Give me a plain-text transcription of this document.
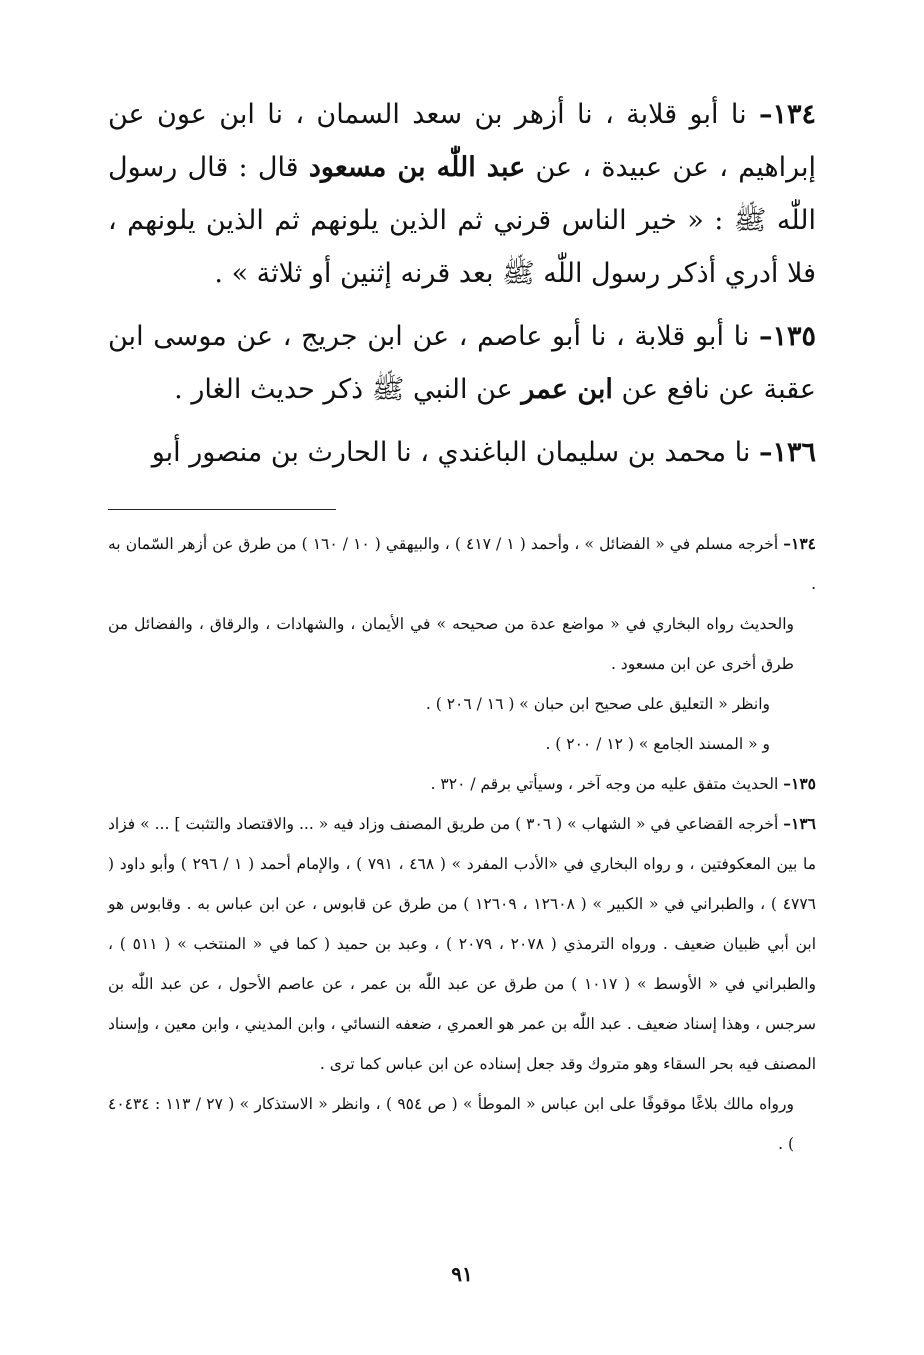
١٣٤– نا أبو قلابة ، نا أزهر بن سعد السمان ، نا ابن عون عن إبراهيم ، عن عبيدة ، عن عبد اللّٰه بن مسعود قال : قال رسول اللّٰه ﷺ : « خير الناس قرني ثم الذين يلونهم ثم الذين يلونهم ، فلا أدري أذكر رسول اللّٰه ﷺ بعد قرنه إثنين أو ثلاثة » .

١٣٥– نا أبو قلابة ، نا أبو عاصم ، عن ابن جريج ، عن موسى ابن عقبة عن نافع عن ابن عمر عن النبي ﷺ ذكر حديث الغار .

١٣٦– نا محمد بن سليمان الباغندي ، نا الحارث بن منصور أبو

١٣٤– أخرجه مسلم في « الفضائل » ، وأحمد ( ١ / ٤١٧ ) ، والبيهقي ( ١٠ / ١٦٠ ) من طرق عن أزهر السّمان به .

والحديث رواه البخاري في « مواضع عدة من صحيحه » في الأيمان ، والشهادات ، والرقاق ، والفضائل من طرق أخرى عن ابن مسعود .

وانظر « التعليق على صحيح ابن حبان » ( ١٦ / ٢٠٦ ) .

و « المسند الجامع » ( ١٢ / ٢٠٠ ) .

١٣٥– الحديث متفق عليه من وجه آخر ، وسيأتي برقم / ٣٢٠ .

١٣٦– أخرجه القضاعي في « الشهاب » ( ٣٠٦ ) من طريق المصنف وزاد فيه « ... والاقتصاد والتثبت ] ... » فزاد ما بين المعكوفتين ، و رواه البخاري في «الأدب المفرد » ( ٤٦٨ ، ٧٩١ ) ، والإمام أحمد ( ١ / ٢٩٦ ) وأبو داود ( ٤٧٧٦ ) ، والطبراني في « الكبير » ( ١٢٦٠٨ ، ١٢٦٠٩ ) من طرق عن قابوس ، عن ابن عباس به . وقابوس هو ابن أبي ظبيان ضعيف . ورواه الترمذي ( ٢٠٧٨ ، ٢٠٧٩ ) ، وعبد بن حميد ( كما في « المنتخب » ( ٥١١ ) ، والطبراني في « الأوسط » ( ١٠١٧ ) من طرق عن عبد اللّٰه بن عمر ، عن عاصم الأحول ، عن عبد اللّٰه بن سرجس ، وهذا إسناد ضعيف . عبد اللّٰه بن عمر هو العمري ، ضعفه النسائي ، وابن المديني ، وابن معين ، وإسناد المصنف فيه بحر السقاء وهو متروك وقد جعل إسناده عن ابن عباس كما ترى .

ورواه مالك بلاغًا موقوفًا على ابن عباس « الموطأ » ( ص ٩٥٤ ) ، وانظر « الاستذكار » ( ٢٧ / ١١٣ : ٤٠٤٣٤ ) .

٩١
